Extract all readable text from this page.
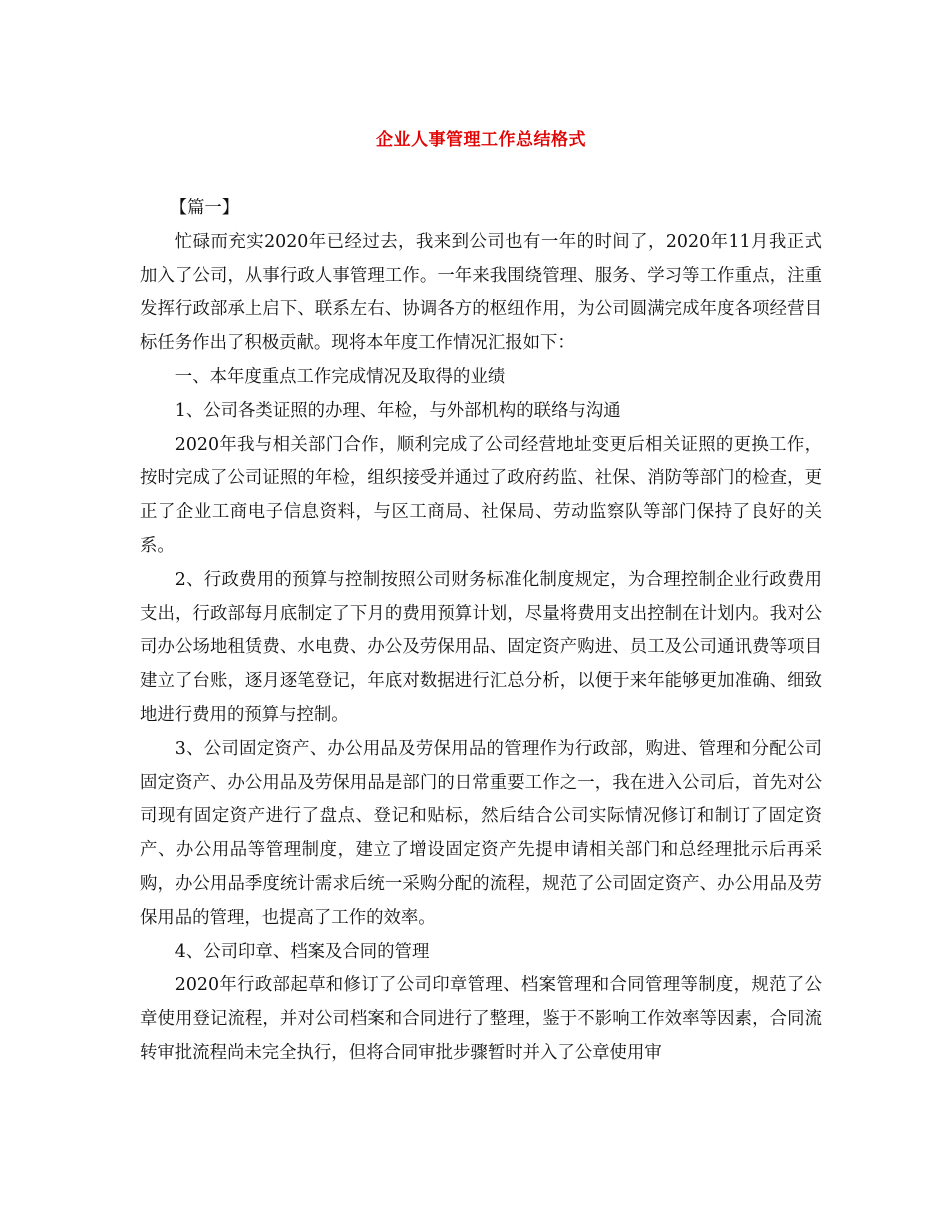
企业人事管理工作总结格式

【篇一】

忙碌而充实2020年已经过去，我来到公司也有一年的时间了，2020年11月我正式加入了公司，从事行政人事管理工作。一年来我围绕管理、服务、学习等工作重点，注重发挥行政部承上启下、联系左右、协调各方的枢纽作用，为公司圆满完成年度各项经营目标任务作出了积极贡献。现将本年度工作情况汇报如下：

一、本年度重点工作完成情况及取得的业绩

1、公司各类证照的办理、年检，与外部机构的联络与沟通

2020年我与相关部门合作，顺利完成了公司经营地址变更后相关证照的更换工作，按时完成了公司证照的年检，组织接受并通过了政府药监、社保、消防等部门的检查，更正了企业工商电子信息资料，与区工商局、社保局、劳动监察队等部门保持了良好的关系。

2、行政费用的预算与控制按照公司财务标准化制度规定，为合理控制企业行政费用支出，行政部每月底制定了下月的费用预算计划，尽量将费用支出控制在计划内。我对公司办公场地租赁费、水电费、办公及劳保用品、固定资产购进、员工及公司通讯费等项目建立了台账，逐月逐笔登记，年底对数据进行汇总分析，以便于来年能够更加准确、细致地进行费用的预算与控制。

3、公司固定资产、办公用品及劳保用品的管理作为行政部，购进、管理和分配公司固定资产、办公用品及劳保用品是部门的日常重要工作之一，我在进入公司后，首先对公司现有固定资产进行了盘点、登记和贴标，然后结合公司实际情况修订和制订了固定资产、办公用品等管理制度，建立了增设固定资产先提申请相关部门和总经理批示后再采购，办公用品季度统计需求后统一采购分配的流程，规范了公司固定资产、办公用品及劳保用品的管理，也提高了工作的效率。

4、公司印章、档案及合同的管理

2020年行政部起草和修订了公司印章管理、档案管理和合同管理等制度，规范了公章使用登记流程，并对公司档案和合同进行了整理，鉴于不影响工作效率等因素，合同流转审批流程尚未完全执行，但将合同审批步骤暂时并入了公章使用审
